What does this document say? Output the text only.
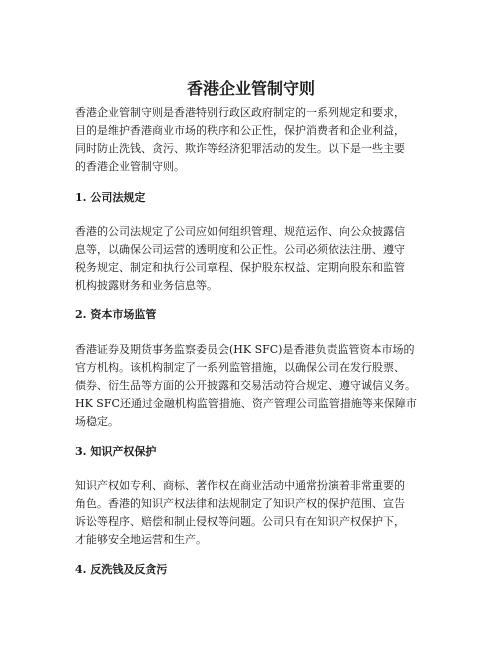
香港企业管制守则

香港企业管制守则是香港特别行政区政府制定的一系列规定和要求，
目的是维护香港商业市场的秩序和公正性，保护消费者和企业利益，
同时防止洗钱、贪污、欺诈等经济犯罪活动的发生。以下是一些主要
的香港企业管制守则。

1. 公司法规定

香港的公司法规定了公司应如何组织管理、规范运作、向公众披露信
息等，以确保公司运营的透明度和公正性。公司必须依法注册、遵守
税务规定、制定和执行公司章程、保护股东权益、定期向股东和监管
机构披露财务和业务信息等。

2. 资本市场监管

香港证券及期货事务监察委员会(HK SFC)是香港负责监管资本市场的
官方机构。该机构制定了一系列监管措施，以确保公司在发行股票、
债券、衍生品等方面的公开披露和交易活动符合规定、遵守诚信义务。
HK SFC还通过金融机构监管措施、资产管理公司监管措施等来保障市
场稳定。

3. 知识产权保护

知识产权如专利、商标、著作权在商业活动中通常扮演着非常重要的
角色。香港的知识产权法律和法规制定了知识产权的保护范围、宣告
诉讼等程序、赔偿和制止侵权等问题。公司只有在知识产权保护下，
才能够安全地运营和生产。

4. 反洗钱及反贪污
